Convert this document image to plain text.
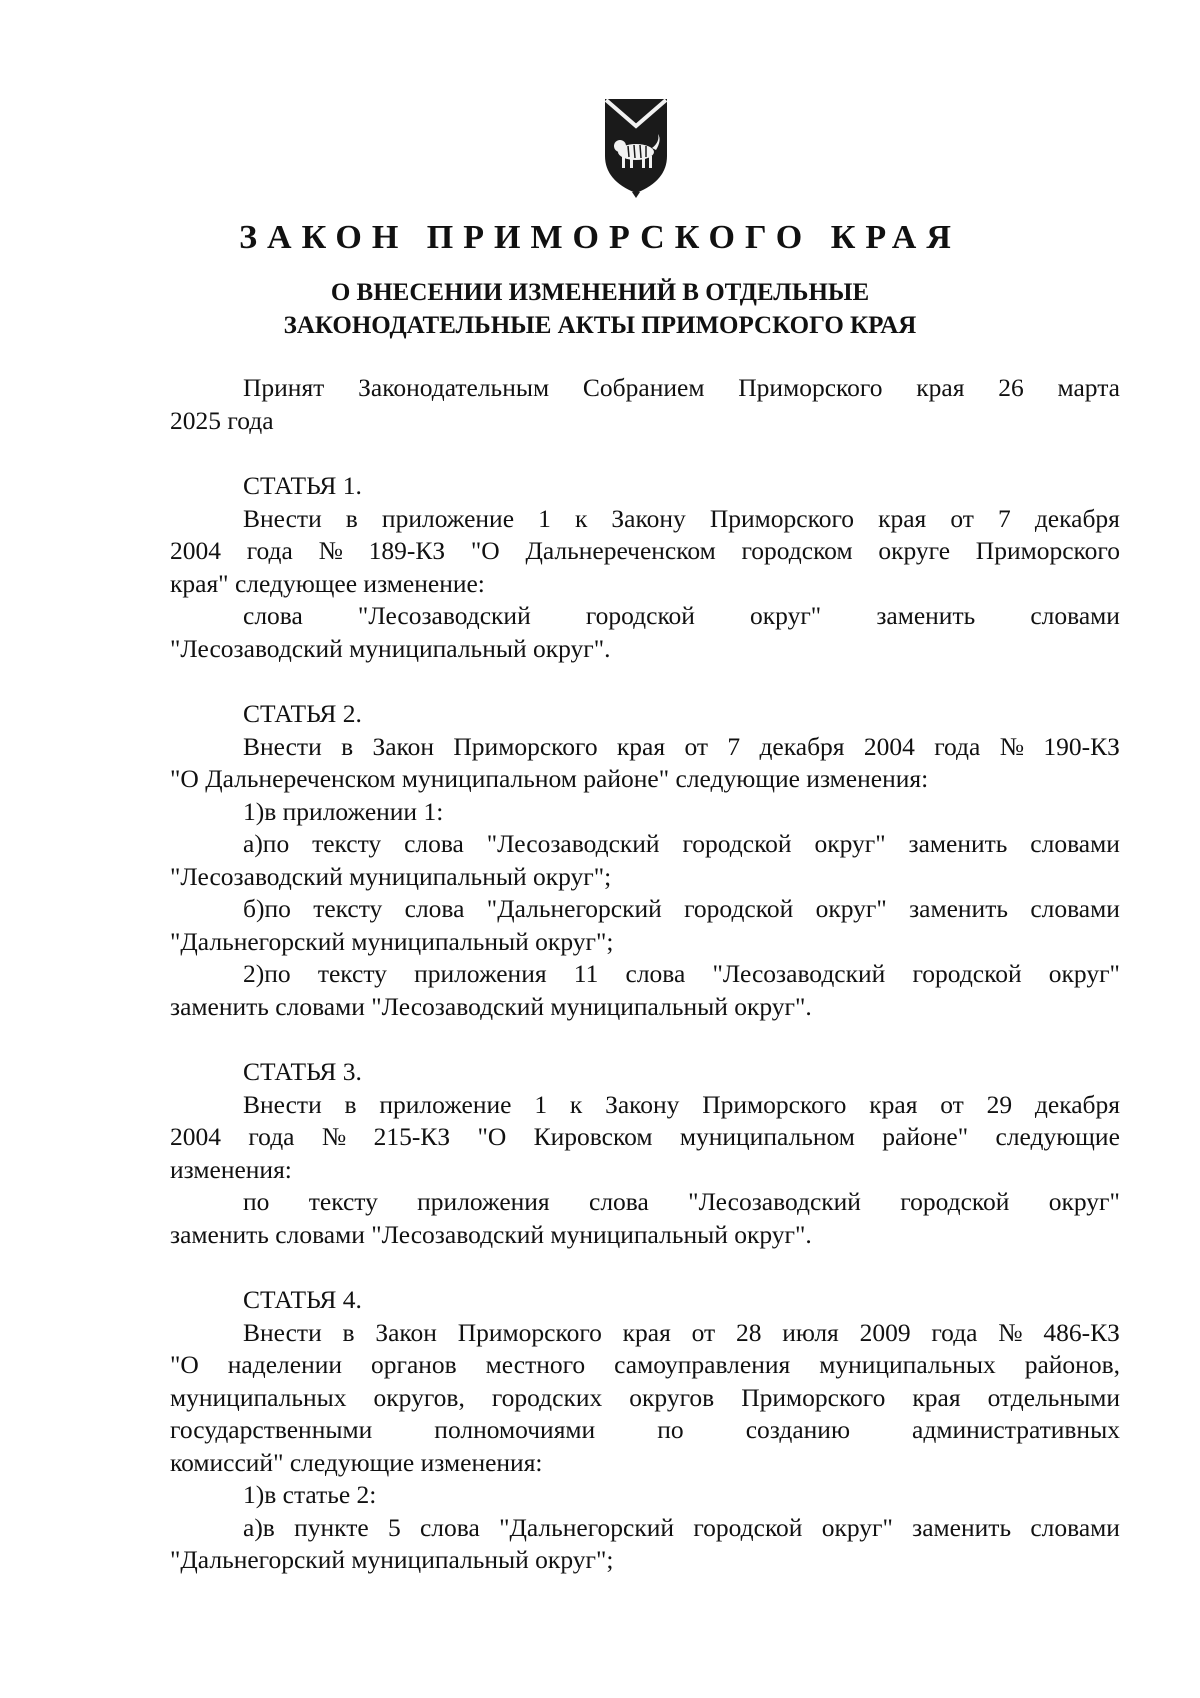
ЗАКОН ПРИМОРСКОГО КРАЯ
О ВНЕСЕНИИ ИЗМЕНЕНИЙ В ОТДЕЛЬНЫЕ
ЗАКОНОДАТЕЛЬНЫЕ АКТЫ ПРИМОРСКОГО КРАЯ
Принят Законодательным Собранием Приморского края 26 марта
2025 года
СТАТЬЯ 1.
Внести в приложение 1 к Закону Приморского края от 7 декабря
2004 года № 189-КЗ "О Дальнереченском городском округе Приморского
края" следующее изменение:
слова "Лесозаводский городской округ" заменить словами
"Лесозаводский муниципальный округ".
СТАТЬЯ 2.
Внести в Закон Приморского края от 7 декабря 2004 года № 190-КЗ
"О Дальнереченском муниципальном районе" следующие изменения:
1)в приложении 1:
а)по тексту слова "Лесозаводский городской округ" заменить словами
"Лесозаводский муниципальный округ";
б)по тексту слова "Дальнегорский городской округ" заменить словами
"Дальнегорский муниципальный округ";
2)по тексту приложения 11 слова "Лесозаводский городской округ"
заменить словами "Лесозаводский муниципальный округ".
СТАТЬЯ 3.
Внести в приложение 1 к Закону Приморского края от 29 декабря
2004 года № 215-КЗ "О Кировском муниципальном районе" следующие
изменения:
по тексту приложения слова "Лесозаводский городской округ"
заменить словами "Лесозаводский муниципальный округ".
СТАТЬЯ 4.
Внести в Закон Приморского края от 28 июля 2009 года № 486-КЗ
"О наделении органов местного самоуправления муниципальных районов,
муниципальных округов, городских округов Приморского края отдельными
государственными полномочиями по созданию административных
комиссий" следующие изменения:
1)в статье 2:
а)в пункте 5 слова "Дальнегорский городской округ" заменить словами
"Дальнегорский муниципальный округ";
